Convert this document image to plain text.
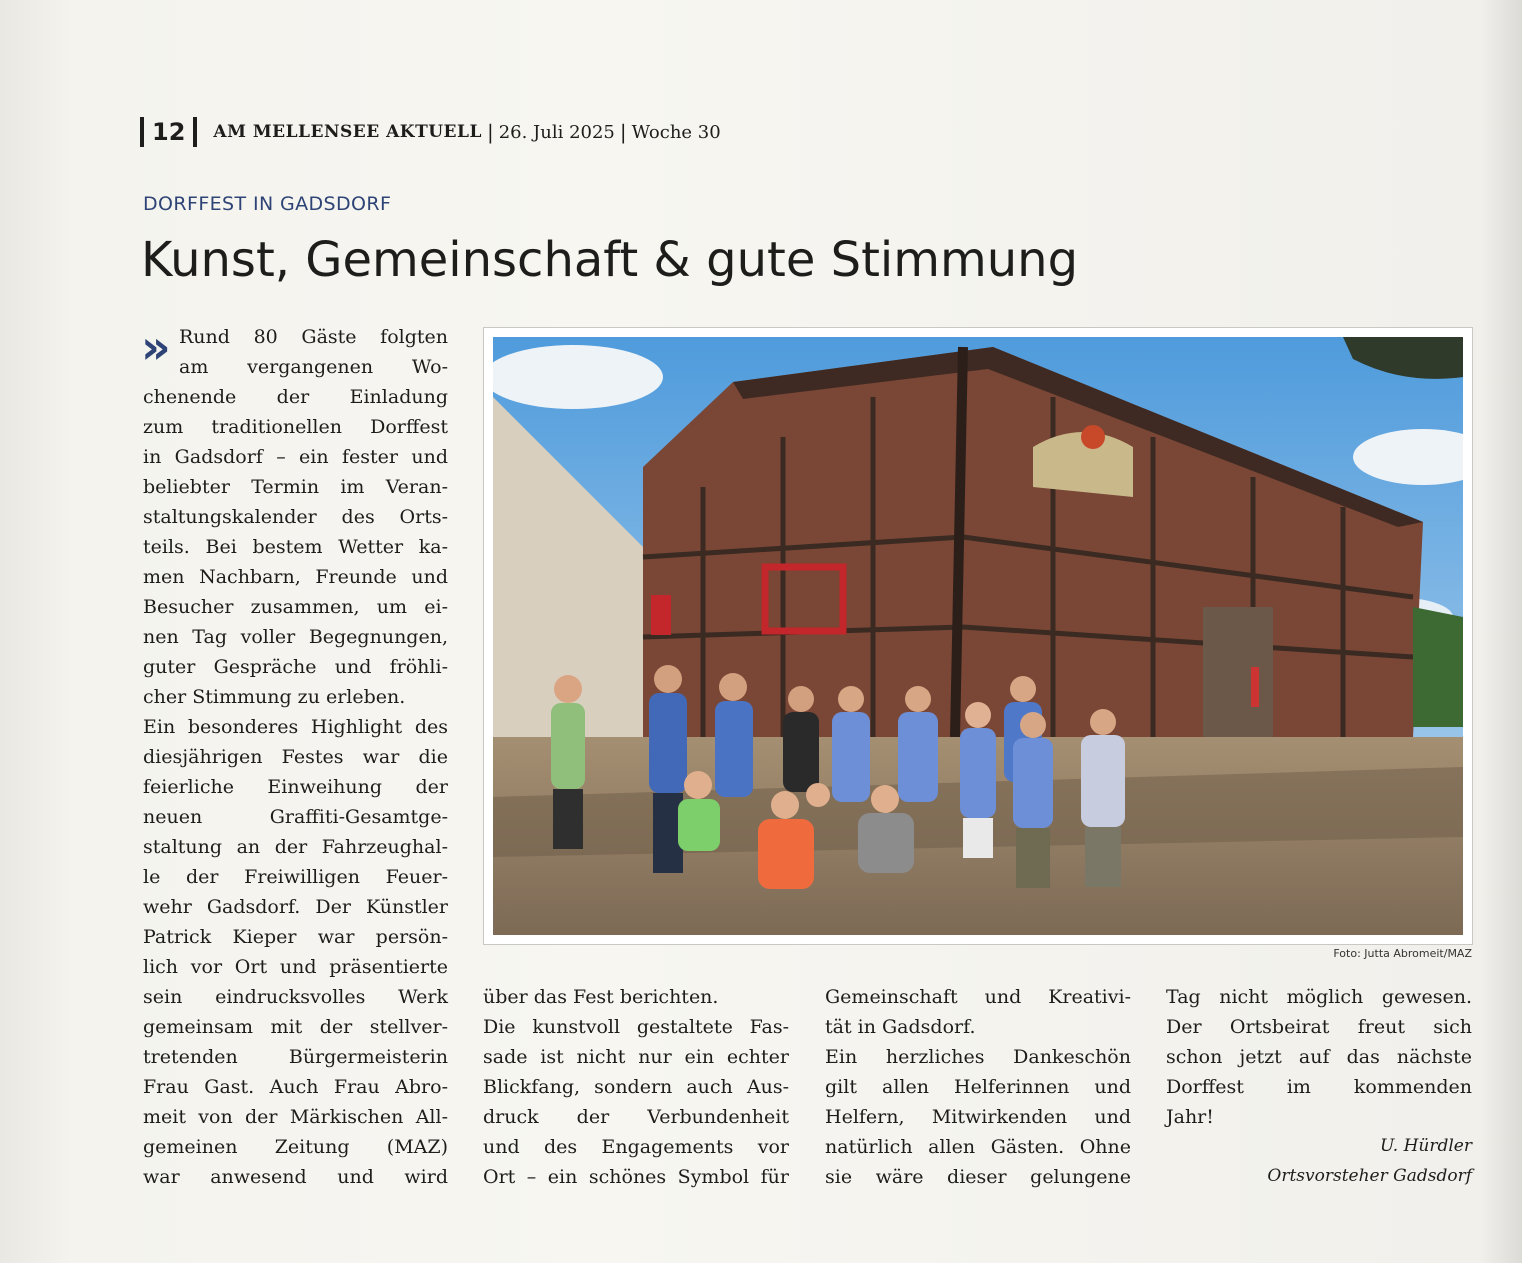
12 AM MELLENSEE AKTUELL | 26. Juli 2025 | Woche 30
DORFFEST IN GADSDORF
Kunst, Gemeinschaft & gute Stimmung
» Rund 80 Gäste folgten
am vergangenen Wo-
chenende der Einladung
zum traditionellen Dorffest
in Gadsdorf – ein fester und
beliebter Termin im Veran-
staltungskalender des Orts-
teils. Bei bestem Wetter ka-
men Nachbarn, Freunde und
Besucher zusammen, um ei-
nen Tag voller Begegnungen,
guter Gespräche und fröhli-
cher Stimmung zu erleben.
Ein besonderes Highlight des
diesjährigen Festes war die
feierliche Einweihung der
neuen Graffiti-Gesamtge-
staltung an der Fahrzeughal-
le der Freiwilligen Feuer-
wehr Gadsdorf. Der Künstler
Patrick Kieper war persön-
lich vor Ort und präsentierte
sein eindrucksvolles Werk
gemeinsam mit der stellver-
tretenden Bürgermeisterin
Frau Gast. Auch Frau Abro-
meit von der Märkischen All-
gemeinen Zeitung (MAZ)
war anwesend und wird
Foto: Jutta Abromeit/MAZ
über das Fest berichten.
Die kunstvoll gestaltete Fas-
sade ist nicht nur ein echter
Blickfang, sondern auch Aus-
druck der Verbundenheit
und des Engagements vor
Ort – ein schönes Symbol für
Gemeinschaft und Kreativi-
tät in Gadsdorf.
Ein herzliches Dankeschön
gilt allen Helferinnen und
Helfern, Mitwirkenden und
natürlich allen Gästen. Ohne
sie wäre dieser gelungene
Tag nicht möglich gewesen.
Der Ortsbeirat freut sich
schon jetzt auf das nächste
Dorffest im kommenden
Jahr!
U. Hürdler
Ortsvorsteher Gadsdorf
